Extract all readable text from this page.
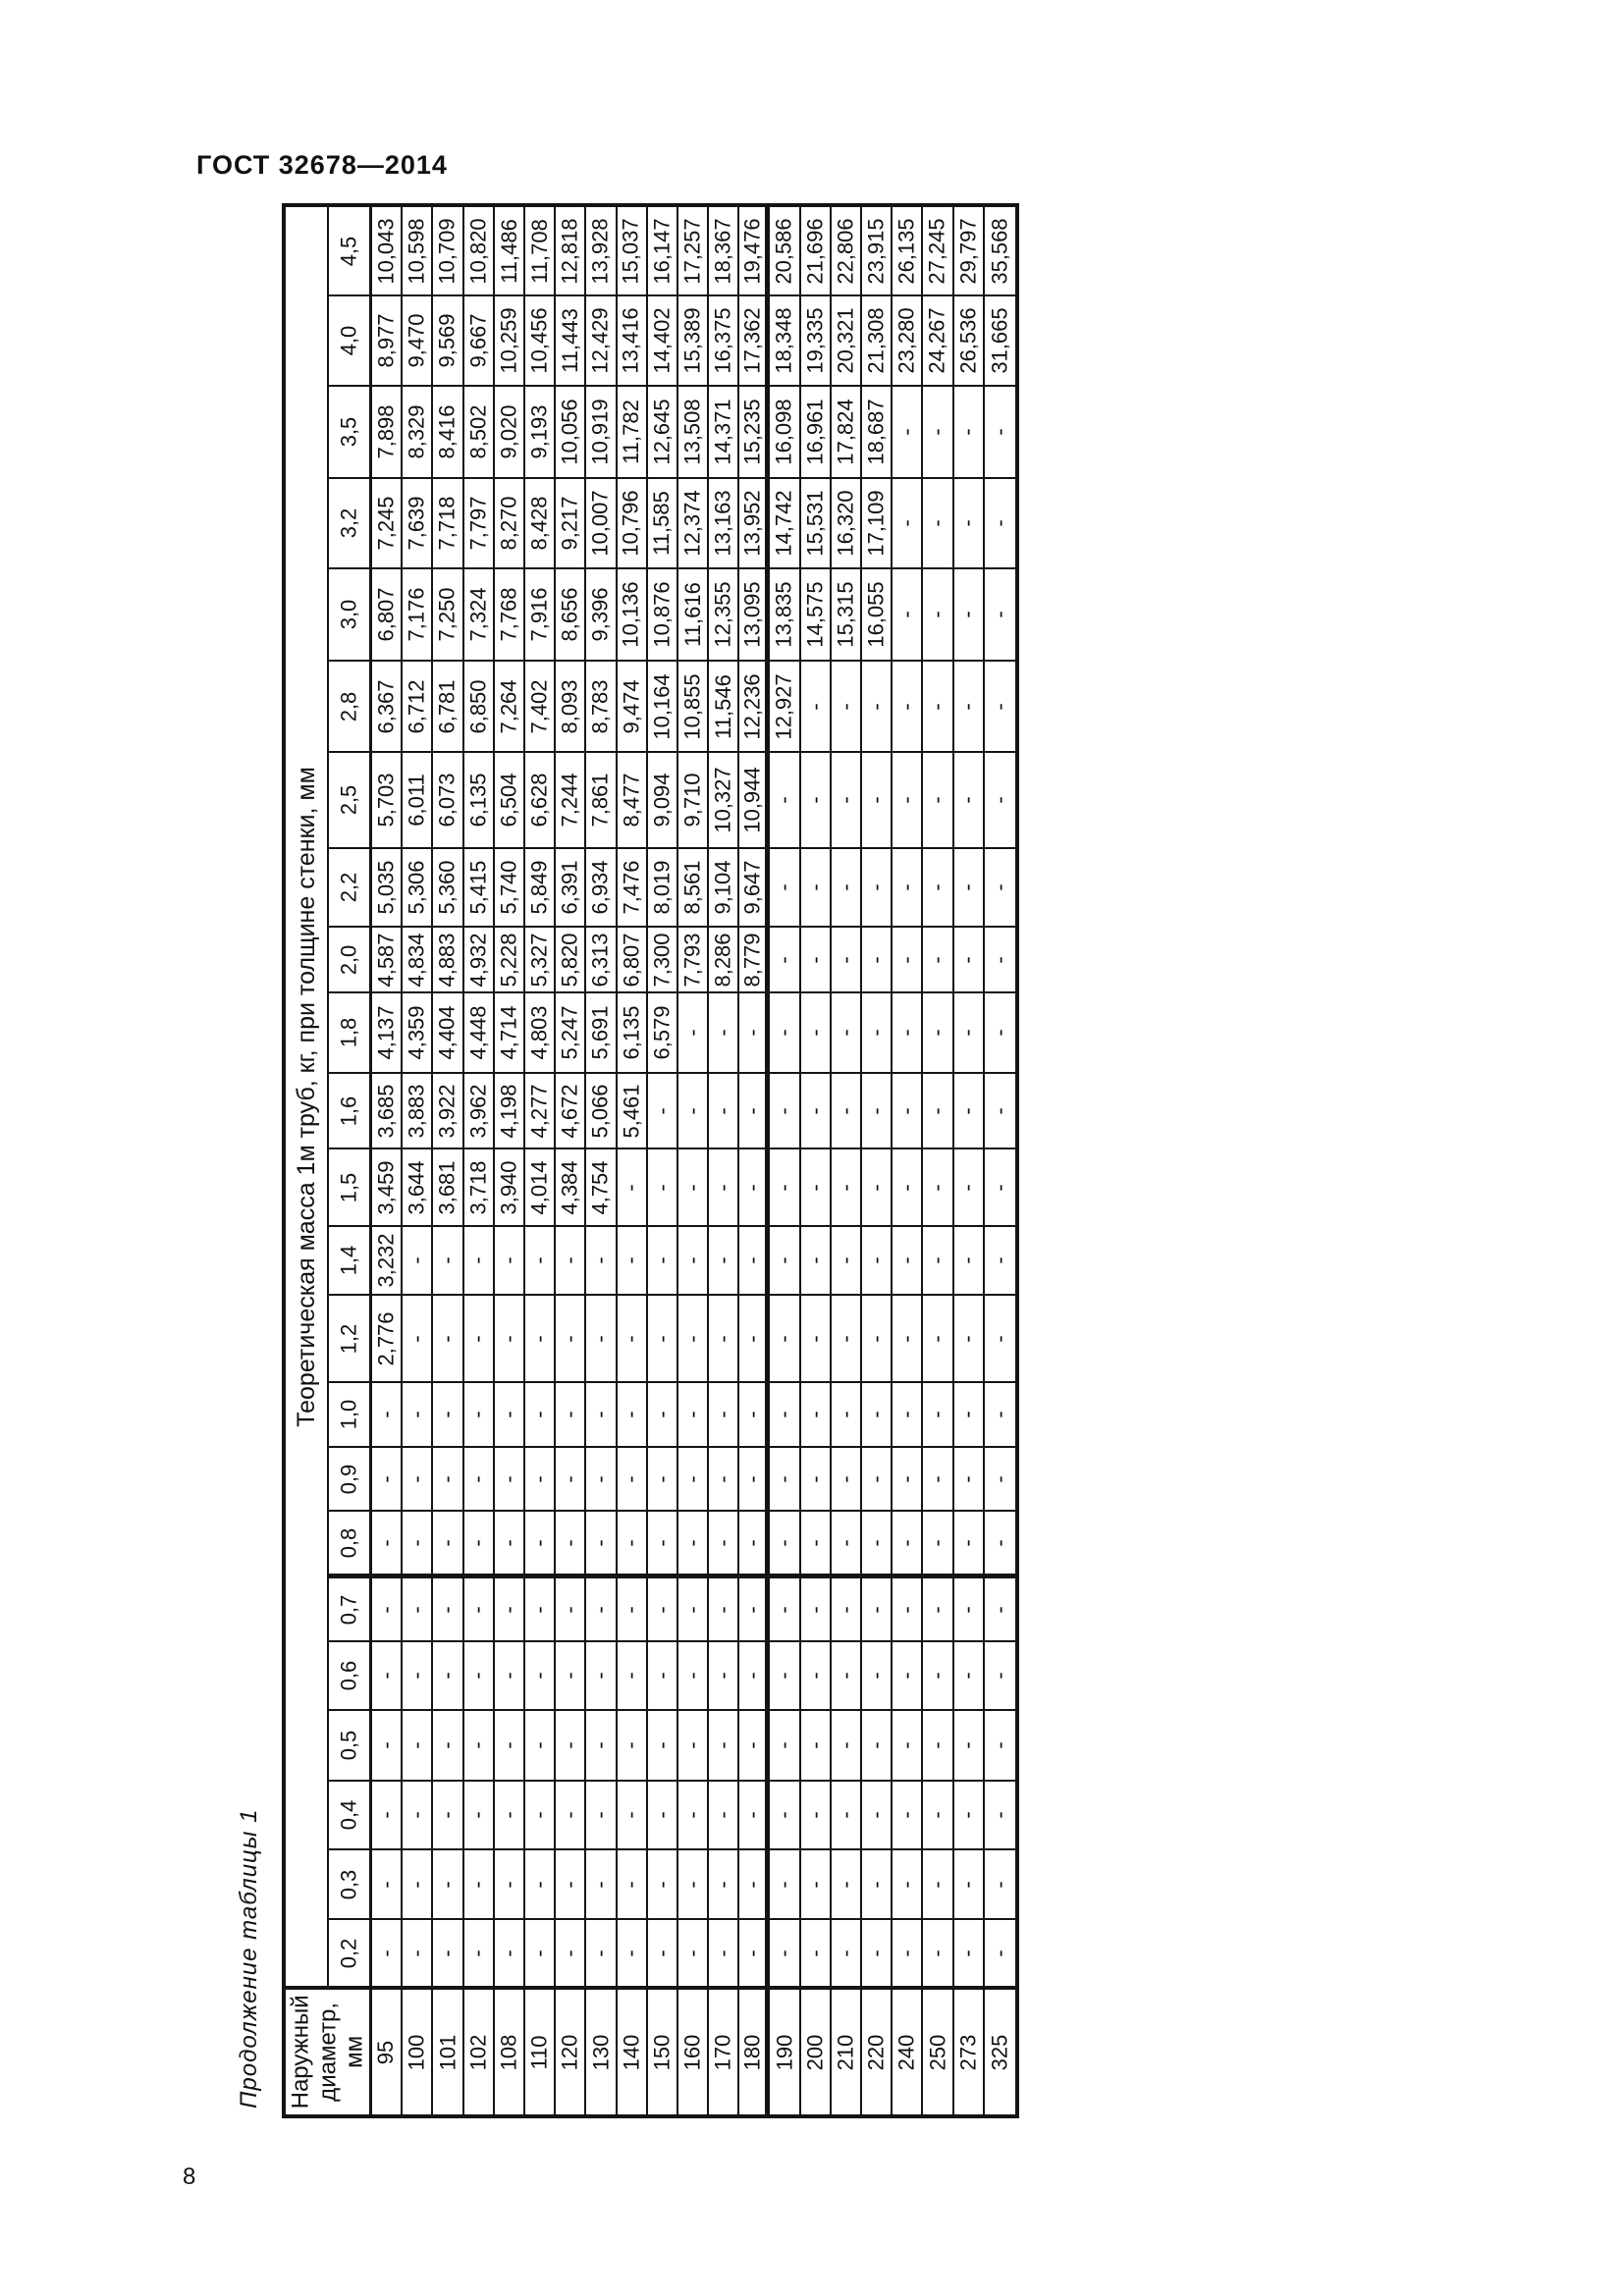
ГОСТ 32678—2014
Продолжение таблицы 1
8
Теоретическая масса 1м труб, кг, при толщине стенки, мм
Наружный диаметр, мм
4,5
4,0
3,5
3,2
3,0
2,8
2,5
2,2
2,0
1,8
1,6
1,5
1,4
1,2
1,0
0,9
0,8
0,7
0,6
0,5
0,4
0,3
0,2
10,043 10,598 10,709 10,820 11,486 11,708 12,818 13,928 15,037 16,147 17,257 18,367 19,476 20,586 21,696 22,806 23,915 26,135 27,245 29,797 35,568
8,977 9,470 9,569 9,667 10,259 10,456 11,443 12,429 13,416 14,402 15,389 16,375 17,362 18,348 19,335 20,321 21,308 23,280 24,267 26,536 31,665
7,898 8,329 8,416 8,502 9,020 9,193 10,056 10,919 11,782 12,645 13,508 14,371 15,235 16,098 16,961 17,824 18,687 - - - -
7,245 7,639 7,718 7,797 8,270 8,428 9,217 10,007 10,796 11,585 12,374 13,163 13,952 14,742 15,531 16,320 17,109 - - - -
6,807 7,176 7,250 7,324 7,768 7,916 8,656 9,396 10,136 10,876 11,616 12,355 13,095 13,835 14,575 15,315 16,055 - - - -
6,367 6,712 6,781 6,850 7,264 7,402 8,093 8,783 9,474 10,164 10,855 11,546 12,236 12,927 - - - - - - -
5,703 6,011 6,073 6,135 6,504 6,628 7,244 7,861 8,477 9,094 9,710 10,327 10,944 - - - - - - - -
5,035 5,306 5,360 5,415 5,740 5,849 6,391 6,934 7,476 8,019 8,561 9,104 9,647 - - - - - - - -
4,587 4,834 4,883 4,932 5,228 5,327 5,820 6,313 6,807 7,300 7,793 8,286 8,779 - - - - - - - -
4,137 4,359 4,404 4,448 4,714 4,803 5,247 5,691 6,135 6,579 - - - - - - - - - - -
3,685 3,883 3,922 3,962 4,198 4,277 4,672 5,066 5,461 - - - - - - - - - - - -
3,459 3,644 3,681 3,718 3,940 4,014 4,384 4,754 - - - - - - - - - - - - -
3,232 - - - - - - - - - - - - - - - - - - - -
2,776 - - - - - - - - - - - - - - - - - - - -
- - - - - - - - - - - - - - - - - - - - -
- - - - - - - - - - - - - - - - - - - - -
- - - - - - - - - - - - - - - - - - - - -
- - - - - - - - - - - - - - - - - - - - -
- - - - - - - - - - - - - - - - - - - - -
- - - - - - - - - - - - - - - - - - - - -
- - - - - - - - - - - - - - - - - - - - -
- - - - - - - - - - - - - - - - - - - - -
- - - - - - - - - - - - - - - - - - - - -
95 100 101 102 108 110 120 130 140 150 160 170 180 190 200 210 220 240 250 273 325
